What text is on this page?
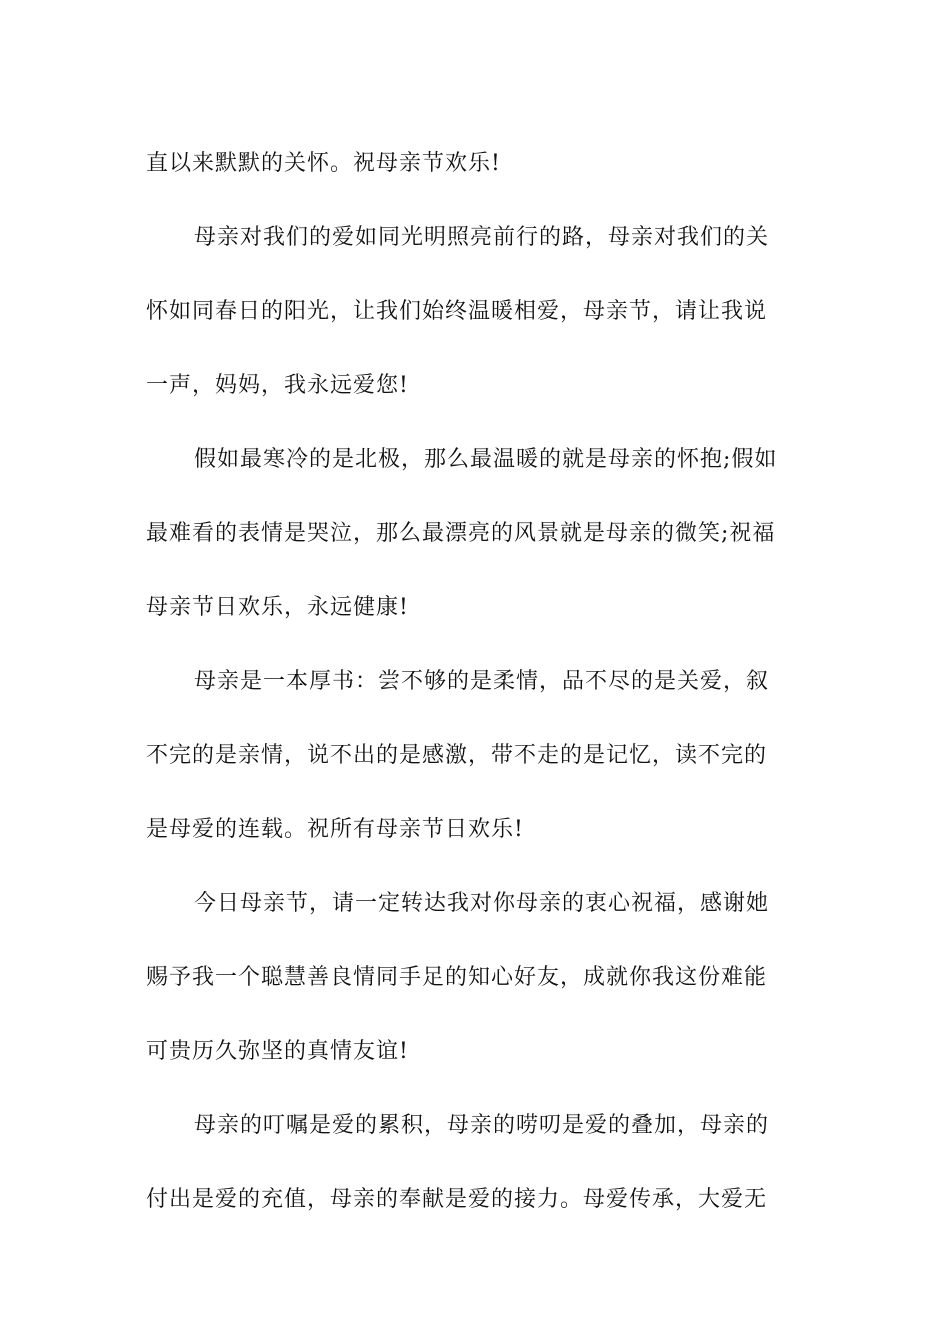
直以来默默的关怀。祝母亲节欢乐!
母亲对我们的爱如同光明照亮前行的路，母亲对我们的关
怀如同春日的阳光，让我们始终温暖相爱，母亲节，请让我说
一声，妈妈，我永远爱您!
假如最寒冷的是北极，那么最温暖的就是母亲的怀抱;假如
最难看的表情是哭泣，那么最漂亮的风景就是母亲的微笑;祝福
母亲节日欢乐，永远健康!
母亲是一本厚书：尝不够的是柔情，品不尽的是关爱，叙
不完的是亲情，说不出的是感激，带不走的是记忆，读不完的
是母爱的连载。祝所有母亲节日欢乐!
今日母亲节，请一定转达我对你母亲的衷心祝福，感谢她
赐予我一个聪慧善良情同手足的知心好友，成就你我这份难能
可贵历久弥坚的真情友谊!
母亲的叮嘱是爱的累积，母亲的唠叨是爱的叠加，母亲的
付出是爱的充值，母亲的奉献是爱的接力。母爱传承，大爱无
